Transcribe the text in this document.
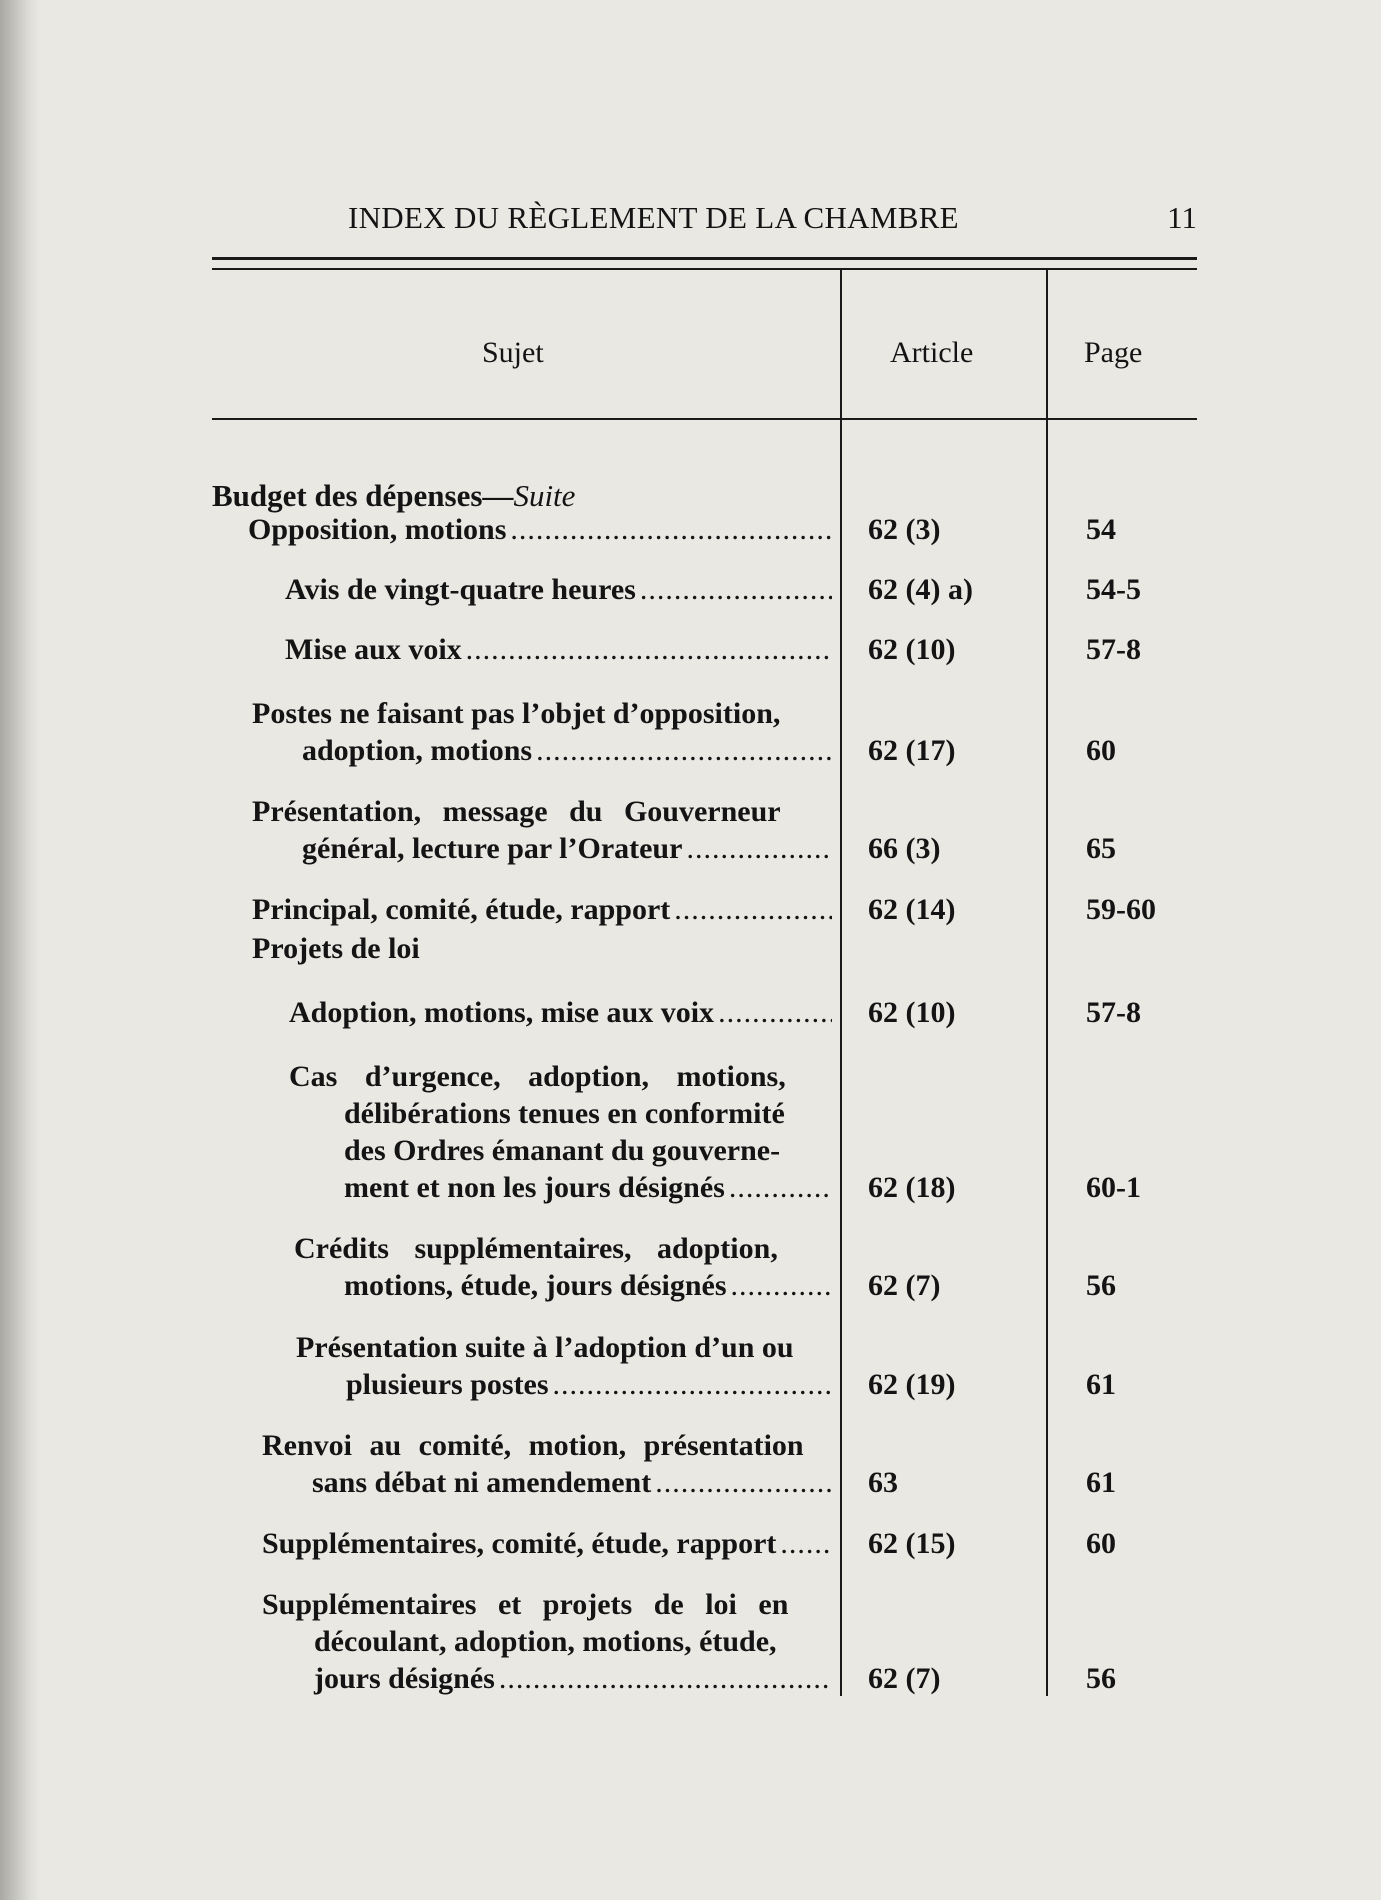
INDEX DU RÈGLEMENT DE LA CHAMBRE	11
Sujet	Article	Page
Budget des dépenses—Suite
Opposition, motions .....	62 (3)	54
Avis de vingt-quatre heures .....	62 (4) a)	54-5
Mise aux voix .....	62 (10)	57-8
Postes ne faisant pas l’objet d’opposition,
adoption, motions .....	62 (17)	60
Présentation, message du Gouverneur
général, lecture par l’Orateur .....	66 (3)	65
Principal, comité, étude, rapport .....	62 (14)	59-60
Projets de loi
Adoption, motions, mise aux voix .....	62 (10)	57-8
Cas d’urgence, adoption, motions,
délibérations tenues en conformité
des Ordres émanant du gouverne-
ment et non les jours désignés .....	62 (18)	60-1
Crédits supplémentaires, adoption,
motions, étude, jours désignés .....	62 (7)	56
Présentation suite à l’adoption d’un ou
plusieurs postes .....	62 (19)	61
Renvoi au comité, motion, présentation
sans débat ni amendement .....	63	61
Supplémentaires, comité, étude, rapport .....	62 (15)	60
Supplémentaires et projets de loi en
découlant, adoption, motions, étude,
jours désignés .....	62 (7)	56
